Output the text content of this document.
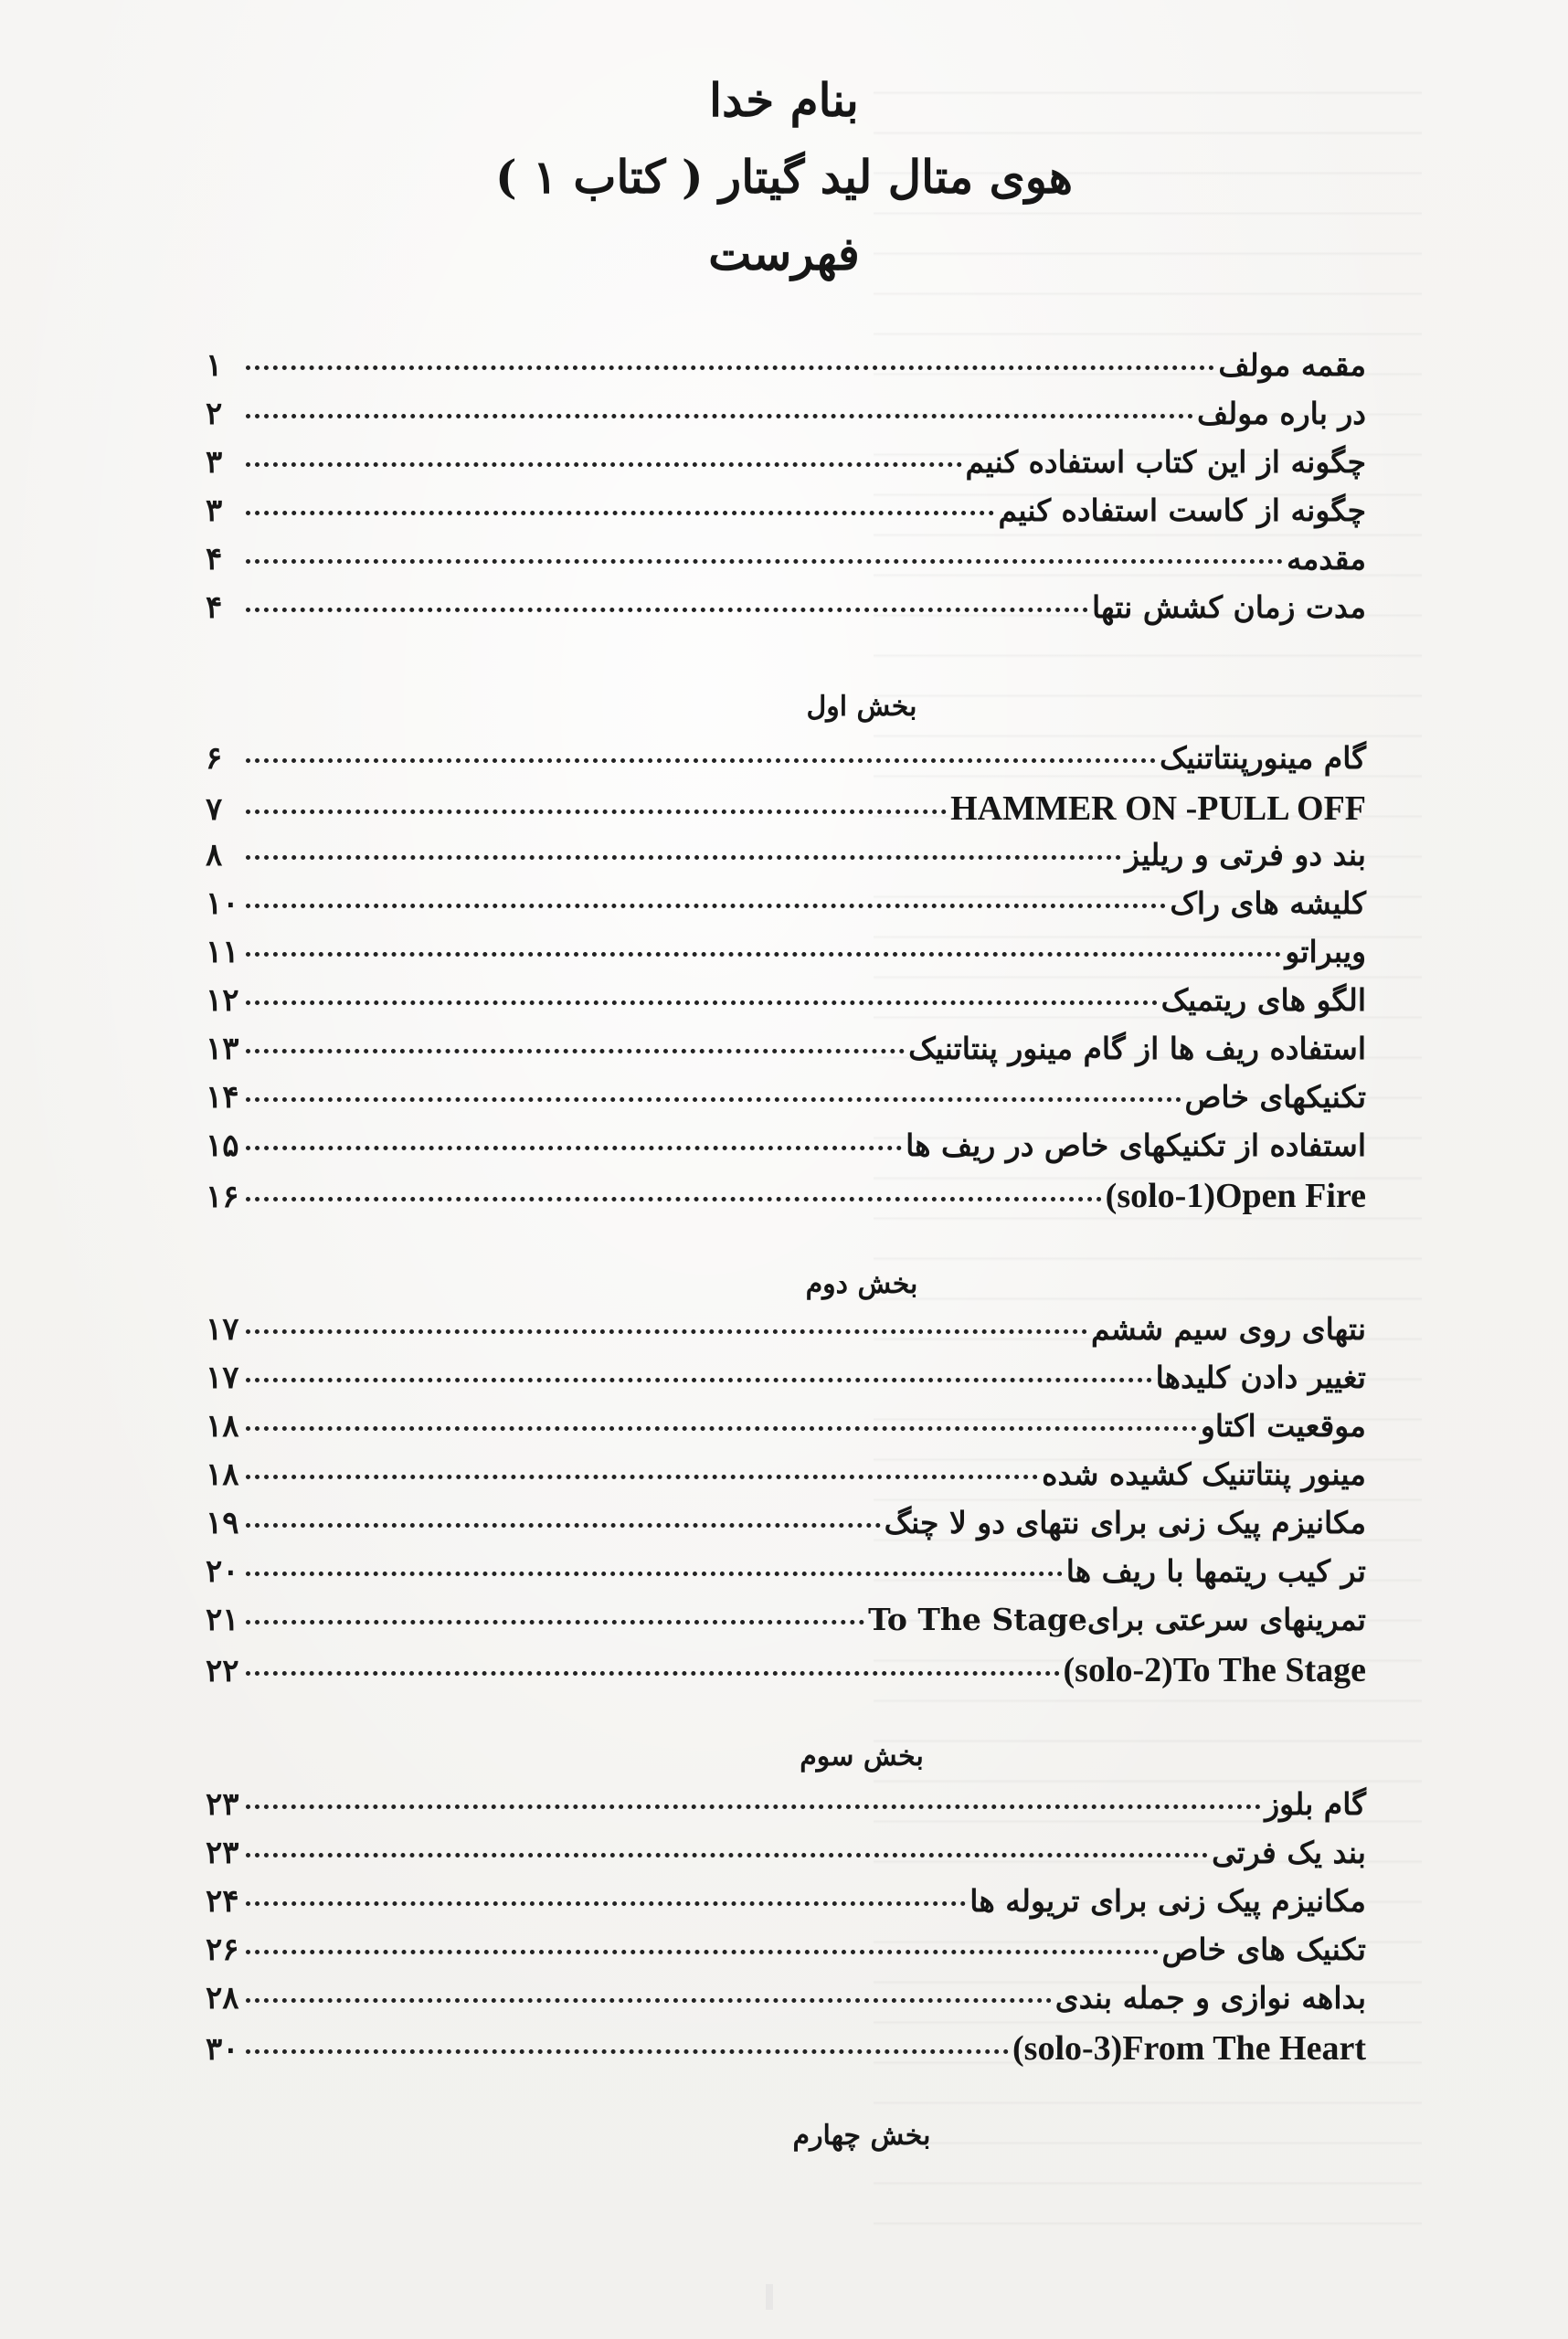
بنام خدا
هوی متال لید گیتار ( کتاب ۱ )
فهرست
مقمه مولف
۱
در باره مولف
۲
چگونه از این کتاب استفاده کنیم
۳
چگونه از کاست استفاده کنیم
۳
مقدمه
۴
مدت زمان کشش نتها
۴
بخش اول
گام مینورپنتاتنیک
۶
HAMMER ON -PULL OFF
۷
بند دو فرتی و ریلیز
۸
کلیشه های راک
۱۰
ویبراتو
۱۱
الگو های ریتمیک
۱۲
استفاده ریف ها از گام مینور پنتاتنیک
۱۳
تکنیکهای خاص
۱۴
استفاده از تکنیکهای خاص در ریف ها
۱۵
(solo-1)Open Fire
۱۶
بخش دوم
نتهای روی سیم ششم
۱۷
تغییر دادن کلیدها
۱۷
موقعیت اکتاو
۱۸
مینور پنتاتنیک کشیده شده
۱۸
مکانیزم پیک زنی برای نتهای دو لا چنگ
۱۹
تر کیب ریتمها با ریف ها
۲۰
تمرینهای سرعتی برایTo The Stage
۲۱
(solo-2)To The Stage
۲۲
بخش سوم
گام بلوز
۲۳
بند یک فرتی
۲۳
مکانیزم پیک زنی برای تریوله ها
۲۴
تکنیک های خاص
۲۶
بداهه نوازی و جمله بندی
۲۸
(solo-3)From The Heart
۳۰
بخش چهارم
